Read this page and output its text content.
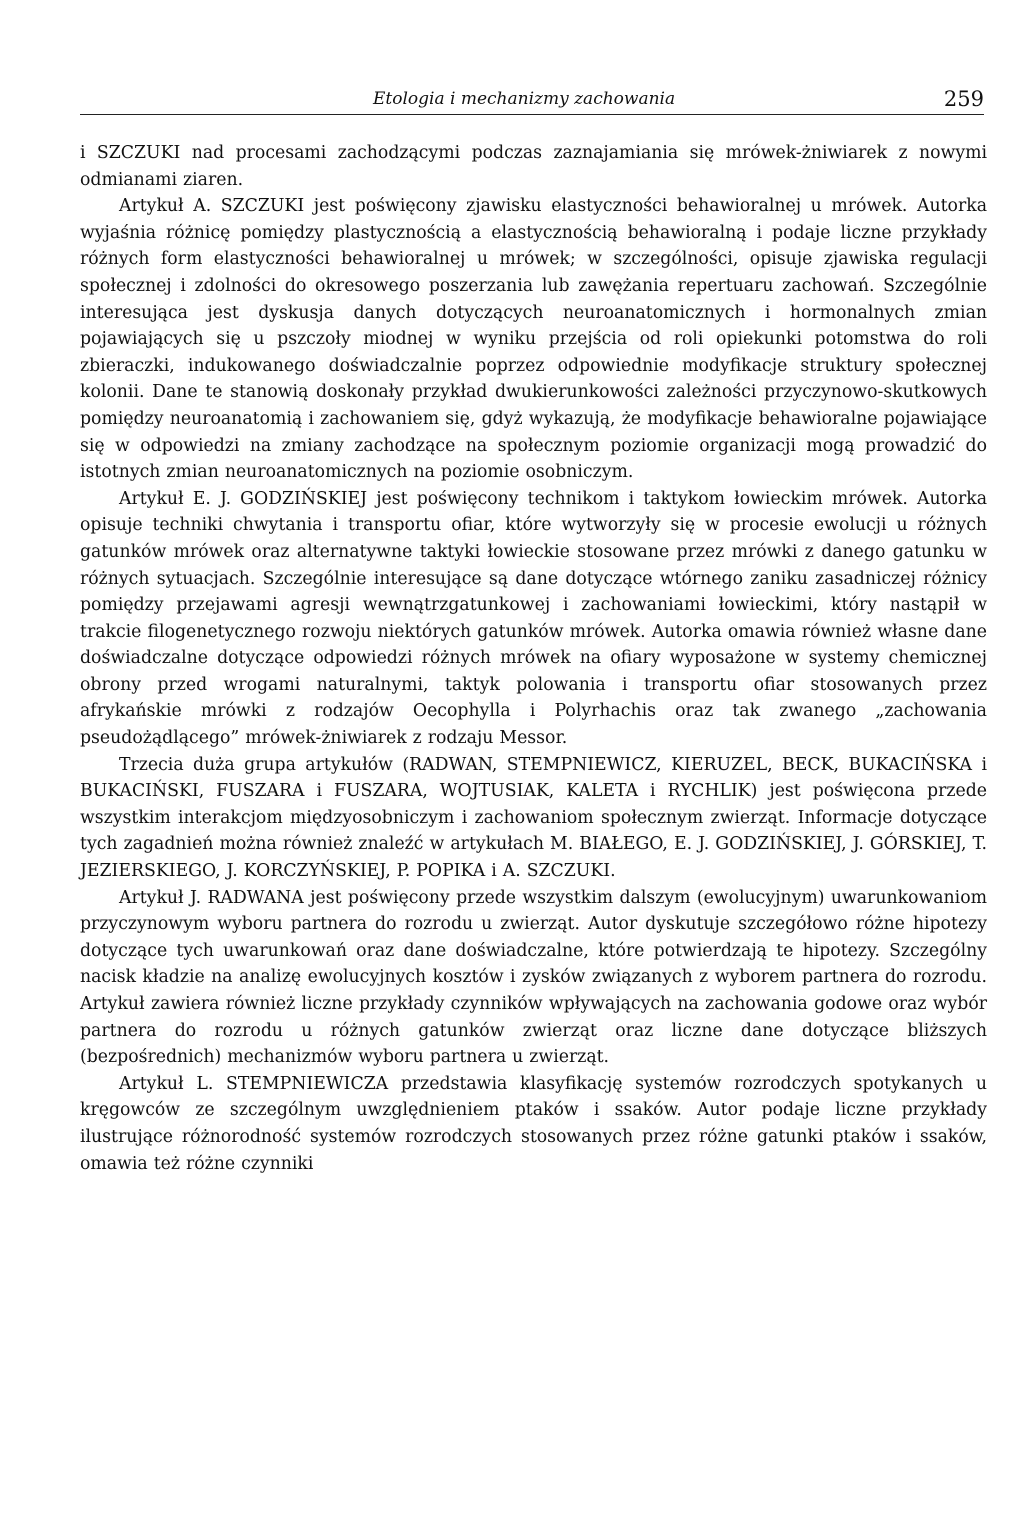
Etologia i mechanizmy zachowania	259

i SZCZUKI nad procesami zachodzącymi podczas zaznajamiania się mrówek-żniwiarek z nowymi odmianami ziaren.

Artykuł A. SZCZUKI jest poświęcony zjawisku elastyczności behawioralnej u mrówek. Autorka wyjaśnia różnicę pomiędzy plastycznością a elastycznością behawioralną i podaje liczne przykłady różnych form elastyczności behawioralnej u mrówek; w szczególności, opisuje zjawiska regulacji społecznej i zdolności do okresowego poszerzania lub zawężania repertuaru zachowań. Szczególnie interesująca jest dyskusja danych dotyczących neuroanatomicznych i hormonalnych zmian pojawiających się u pszczoły miodnej w wyniku przejścia od roli opiekunki potomstwa do roli zbieraczki, indukowanego doświadczalnie poprzez odpowiednie modyfikacje struktury społecznej kolonii. Dane te stanowią doskonały przykład dwukierunkowości zależności przyczynowo-skutkowych pomiędzy neuroanatomią i zachowaniem się, gdyż wykazują, że modyfikacje behawioralne pojawiające się w odpowiedzi na zmiany zachodzące na społecznym poziomie organizacji mogą prowadzić do istotnych zmian neuroanatomicznych na poziomie osobniczym.

Artykuł E. J. GODZIŃSKIEJ jest poświęcony technikom i taktykom łowieckim mrówek. Autorka opisuje techniki chwytania i transportu ofiar, które wytworzyły się w procesie ewolucji u różnych gatunków mrówek oraz alternatywne taktyki łowieckie stosowane przez mrówki z danego gatunku w różnych sytuacjach. Szczególnie interesujące są dane dotyczące wtórnego zaniku zasadniczej różnicy pomiędzy przejawami agresji wewnątrzgatunkowej i zachowaniami łowieckimi, który nastąpił w trakcie filogenetycznego rozwoju niektórych gatunków mrówek. Autorka omawia również własne dane doświadczalne dotyczące odpowiedzi różnych mrówek na ofiary wyposażone w systemy chemicznej obrony przed wrogami naturalnymi, taktyk polowania i transportu ofiar stosowanych przez afrykańskie mrówki z rodzajów Oecophylla i Polyrhachis oraz tak zwanego „zachowania pseudożądlącego” mrówek-żniwiarek z rodzaju Messor.

Trzecia duża grupa artykułów (RADWAN, STEMPNIEWICZ, KIERUZEL, BECK, BUKACIŃSKA i BUKACIŃSKI, FUSZARA i FUSZARA, WOJTUSIAK, KALETA i RYCHLIK) jest poświęcona przede wszystkim interakcjom międzyosobniczym i zachowaniom społecznym zwierząt. Informacje dotyczące tych zagadnień można również znaleźć w artykułach M. BIAŁEGO, E. J. GODZIŃSKIEJ, J. GÓRSKIEJ, T. JEZIERSKIEGO, J. KORCZYŃSKIEJ, P. POPIKA i A. SZCZUKI.

Artykuł J. RADWANA jest poświęcony przede wszystkim dalszym (ewolucyjnym) uwarunkowaniom przyczynowym wyboru partnera do rozrodu u zwierząt. Autor dyskutuje szczegółowo różne hipotezy dotyczące tych uwarunkowań oraz dane doświadczalne, które potwierdzają te hipotezy. Szczególny nacisk kładzie na analizę ewolucyjnych kosztów i zysków związanych z wyborem partnera do rozrodu. Artykuł zawiera również liczne przykłady czynników wpływających na zachowania godowe oraz wybór partnera do rozrodu u różnych gatunków zwierząt oraz liczne dane dotyczące bliższych (bezpośrednich) mechanizmów wyboru partnera u zwierząt.

Artykuł L. STEMPNIEWICZA przedstawia klasyfikację systemów rozrodczych spotykanych u kręgowców ze szczególnym uwzględnieniem ptaków i ssaków. Autor podaje liczne przykłady ilustrujące różnorodność systemów rozrodczych stosowanych przez różne gatunki ptaków i ssaków, omawia też różne czynniki
